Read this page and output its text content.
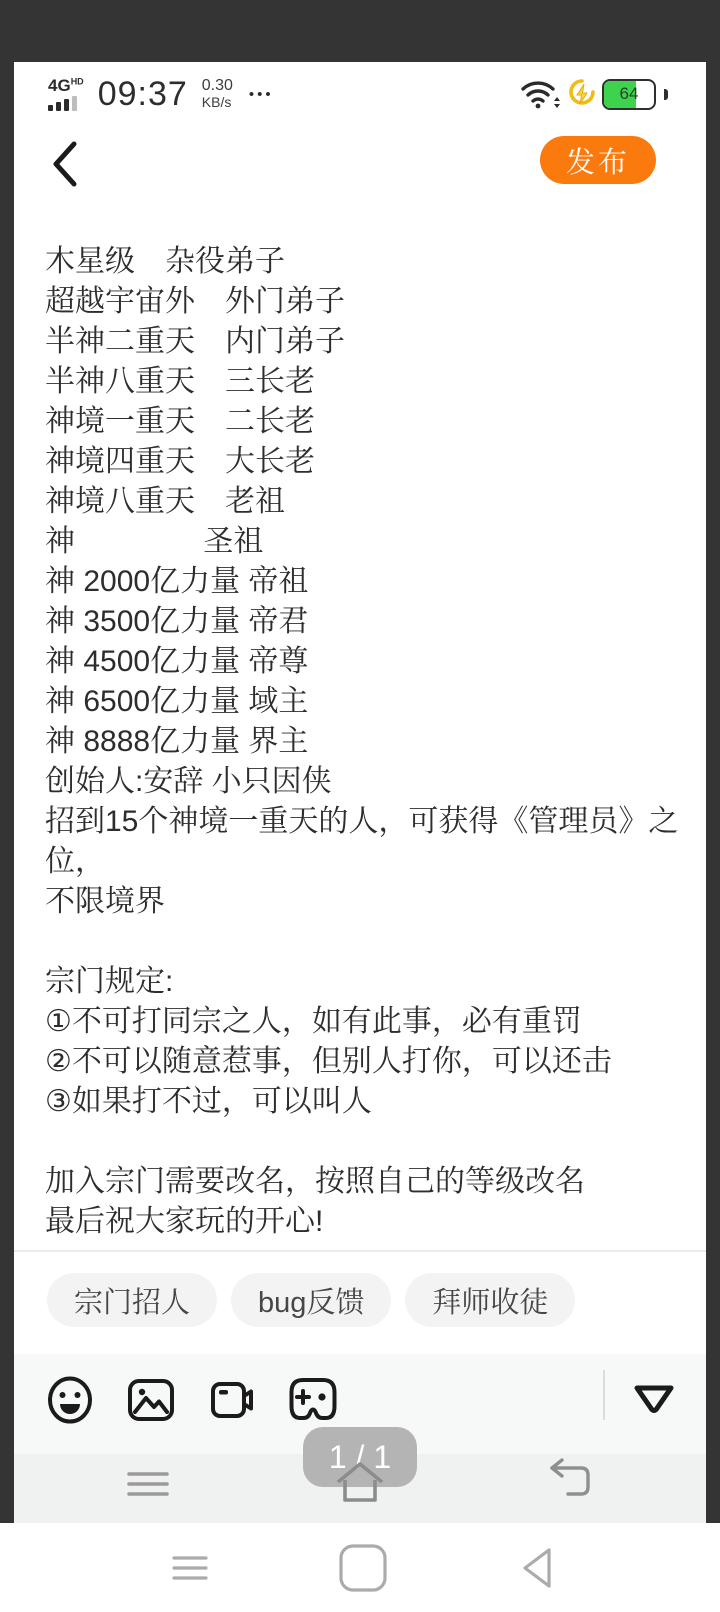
$4G^{HD}$ 09:37 0.30
KB/s •••	64
发布
木星级　杂役弟子
超越宇宙外　外门弟子
半神二重天　内门弟子
半神八重天　三长老
神境一重天　二长老
神境四重天　大长老
神境八重天　老祖
神　　　　 圣祖
神 2000亿力量 帝祖
神 3500亿力量 帝君
神 4500亿力量 帝尊
神 6500亿力量 域主
神 8888亿力量 界主
创始人:安辞 小只因侠
招到15个神境一重天的人，可获得《管理员》之位，
不限境界
宗门规定:
①不可打同宗之人，如有此事，必有重罚
②不可以随意惹事，但别人打你，可以还击
③如果打不过，可以叫人
加入宗门需要改名，按照自己的等级改名
最后祝大家玩的开心!
宗门招人	bug反馈	拜师收徒
1 / 1
